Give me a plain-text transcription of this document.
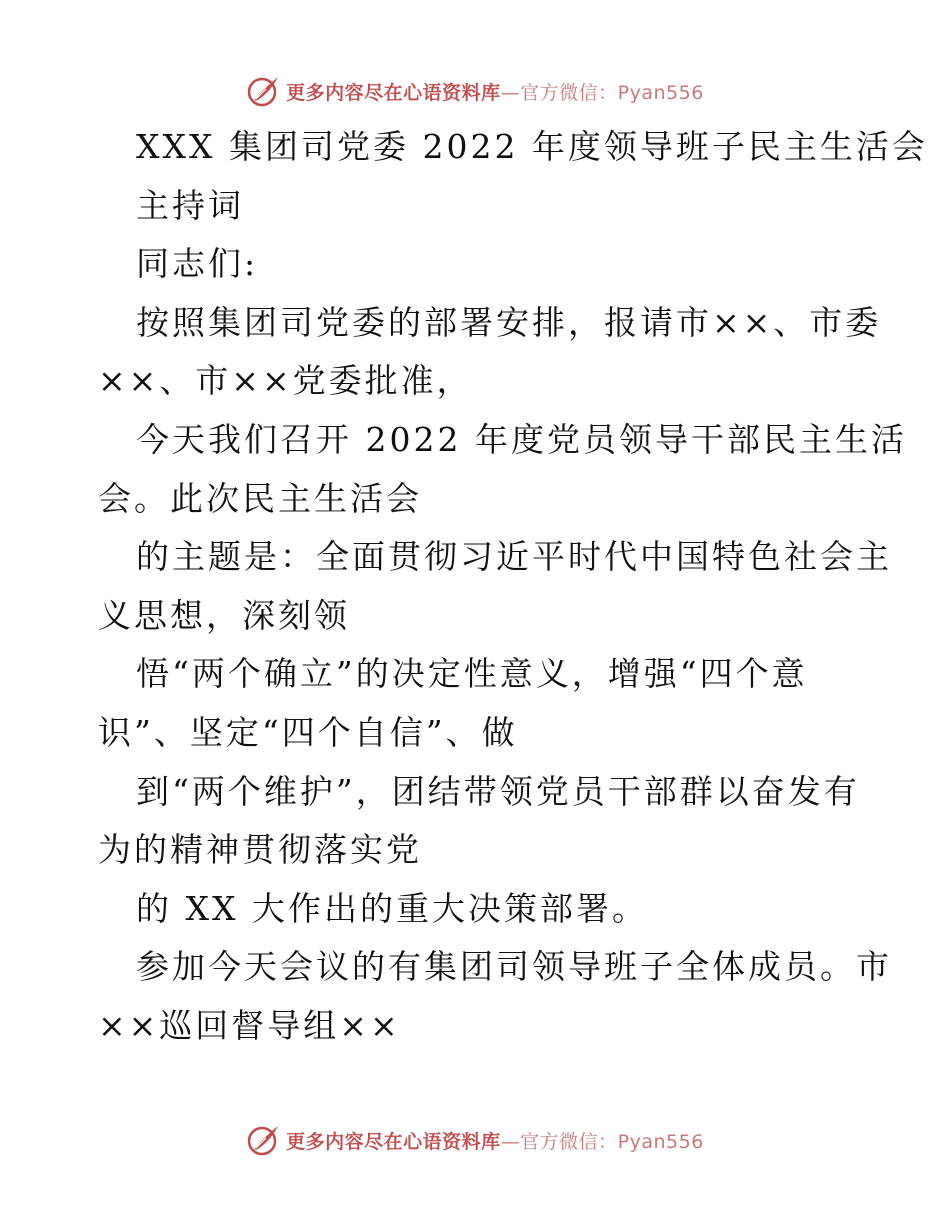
更多内容尽在心语资料库—官方微信：Pyan556
XXX 集团司党委 2022 年度领导班子民主生活会
主持词
同志们:
按照集团司党委的部署安排，报请市××、市委
××、市××党委批准，
今天我们召开 2022 年度党员领导干部民主生活
会。此次民主生活会
的主题是：全面贯彻习近平时代中国特色社会主
义思想，深刻领
悟“两个确立”的决定性意义，增强“四个意
识”、坚定“四个自信”、做
到“两个维护”，团结带领党员干部群以奋发有
为的精神贯彻落实党
的 XX 大作出的重大决策部署。
参加今天会议的有集团司领导班子全体成员。市
××巡回督导组××
更多内容尽在心语资料库—官方微信：Pyan556
